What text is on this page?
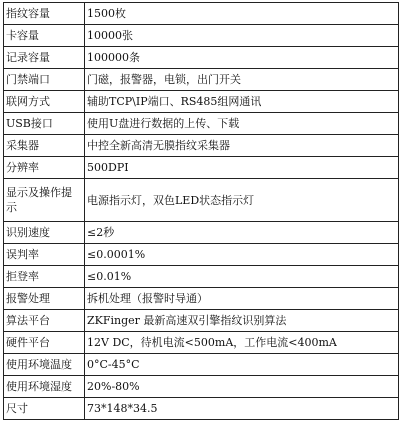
指纹容量	1500枚
卡容量	10000张
记录容量	100000条
门禁端口	门磁，报警器，电锁，出门开关
联网方式	辅助TCP\IP端口、RS485组网通讯
USB接口	使用U盘进行数据的上传、下载
采集器	中控全新高清无膜指纹采集器
分辨率	500DPI
显示及操作提示	电源指示灯，双色LED状态指示灯
识别速度	≤2秒
误判率	≤0.0001%
拒登率	≤0.01%
报警处理	拆机处理（报警时导通）
算法平台	ZKFinger 最新高速双引擎指纹识别算法
硬件平台	12V DC，待机电流<500mA，工作电流<400mA
使用环境温度	0°C-45°C
使用环境湿度	20%-80%
尺寸	73*148*34.5
